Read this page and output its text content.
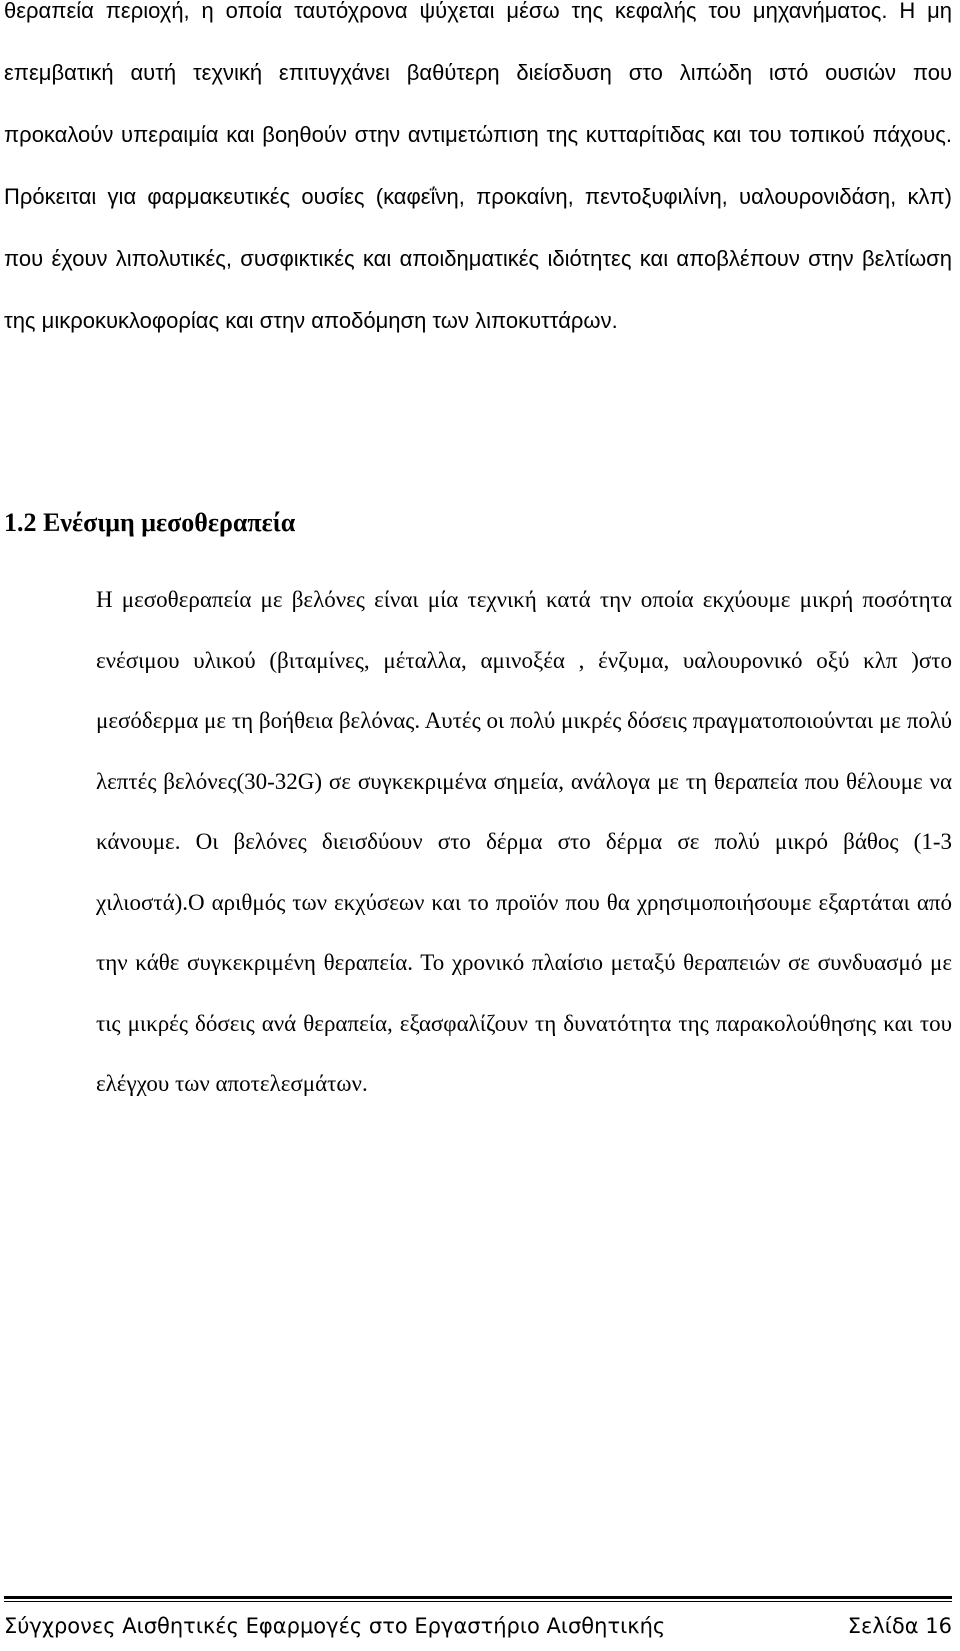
θεραπεία περιοχή, η οποία ταυτόχρονα ψύχεται μέσω της κεφαλής του μηχανήματος. Η μη επεμβατική αυτή τεχνική επιτυγχάνει βαθύτερη διείσδυση στο λιπώδη ιστό ουσιών που προκαλούν υπεραιμία και βοηθούν στην αντιμετώπιση της κυτταρίτιδας και του τοπικού πάχους. Πρόκειται για φαρμακευτικές ουσίες (καφεΐνη, προκαίνη, πεντοξυφιλίνη, υαλουρονιδάση, κλπ) που έχουν λιπολυτικές, συσφικτικές και αποιδηματικές ιδιότητες και αποβλέπουν στην βελτίωση της μικροκυκλοφορίας και στην αποδόμηση των λιποκυττάρων.

1.2 Ενέσιμη μεσοθεραπεία

Η μεσοθεραπεία με βελόνες είναι μία τεχνική κατά την οποία εκχύουμε μικρή ποσότητα ενέσιμου υλικού (βιταμίνες, μέταλλα, αμινοξέα , ένζυμα, υαλουρονικό οξύ κλπ )στο μεσόδερμα με τη βοήθεια βελόνας. Αυτές οι πολύ μικρές δόσεις πραγματοποιούνται με πολύ λεπτές βελόνες(30-32G) σε συγκεκριμένα σημεία, ανάλογα με τη θεραπεία που θέλουμε να κάνουμε. Οι βελόνες διεισδύουν στο δέρμα στο δέρμα σε πολύ μικρό βάθος (1-3 χιλιοστά).Ο αριθμός των εκχύσεων και το προϊόν που θα χρησιμοποιήσουμε εξαρτάται από την κάθε συγκεκριμένη θεραπεία. Το χρονικό πλαίσιο μεταξύ θεραπειών σε συνδυασμό με τις μικρές δόσεις ανά θεραπεία, εξασφαλίζουν τη δυνατότητα της παρακολούθησης και του ελέγχου των αποτελεσμάτων.

Σύγχρονες Αισθητικές Εφαρμογές στο Εργαστήριο Αισθητικής	Σελίδα 16
